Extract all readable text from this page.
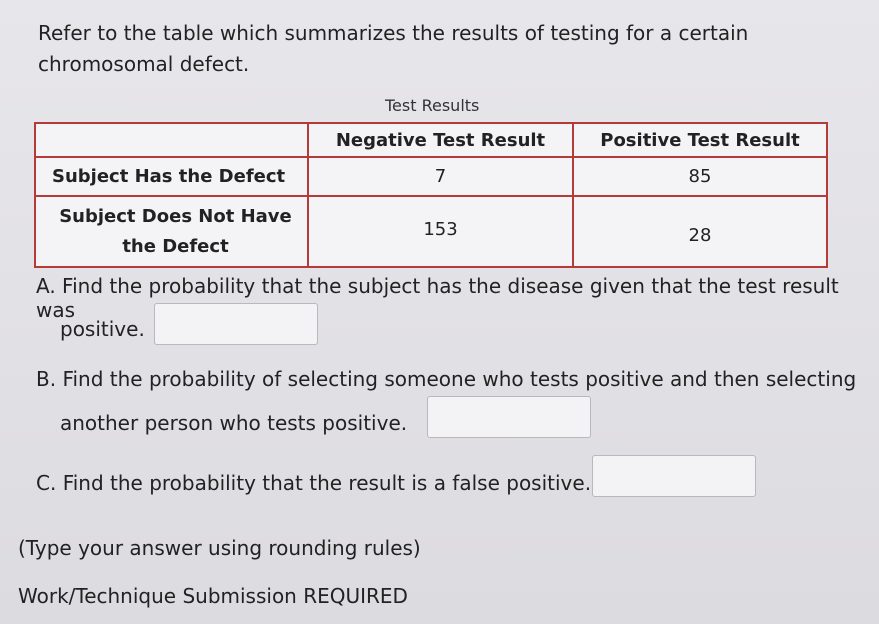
Refer to the table which summarizes the results of testing for a certain chromosomal defect.
Test Results
	Negative Test Result	Positive Test Result
Subject Has the Defect	7	85
Subject Does Not Have the Defect	153	28
A. Find the probability that the subject has the disease given that the test result was
positive.
B. Find the probability of selecting someone who tests positive and then selecting
another person who tests positive.
C. Find the probability that the result is a false positive.
(Type your answer using rounding rules)
Work/Technique Submission REQUIRED
